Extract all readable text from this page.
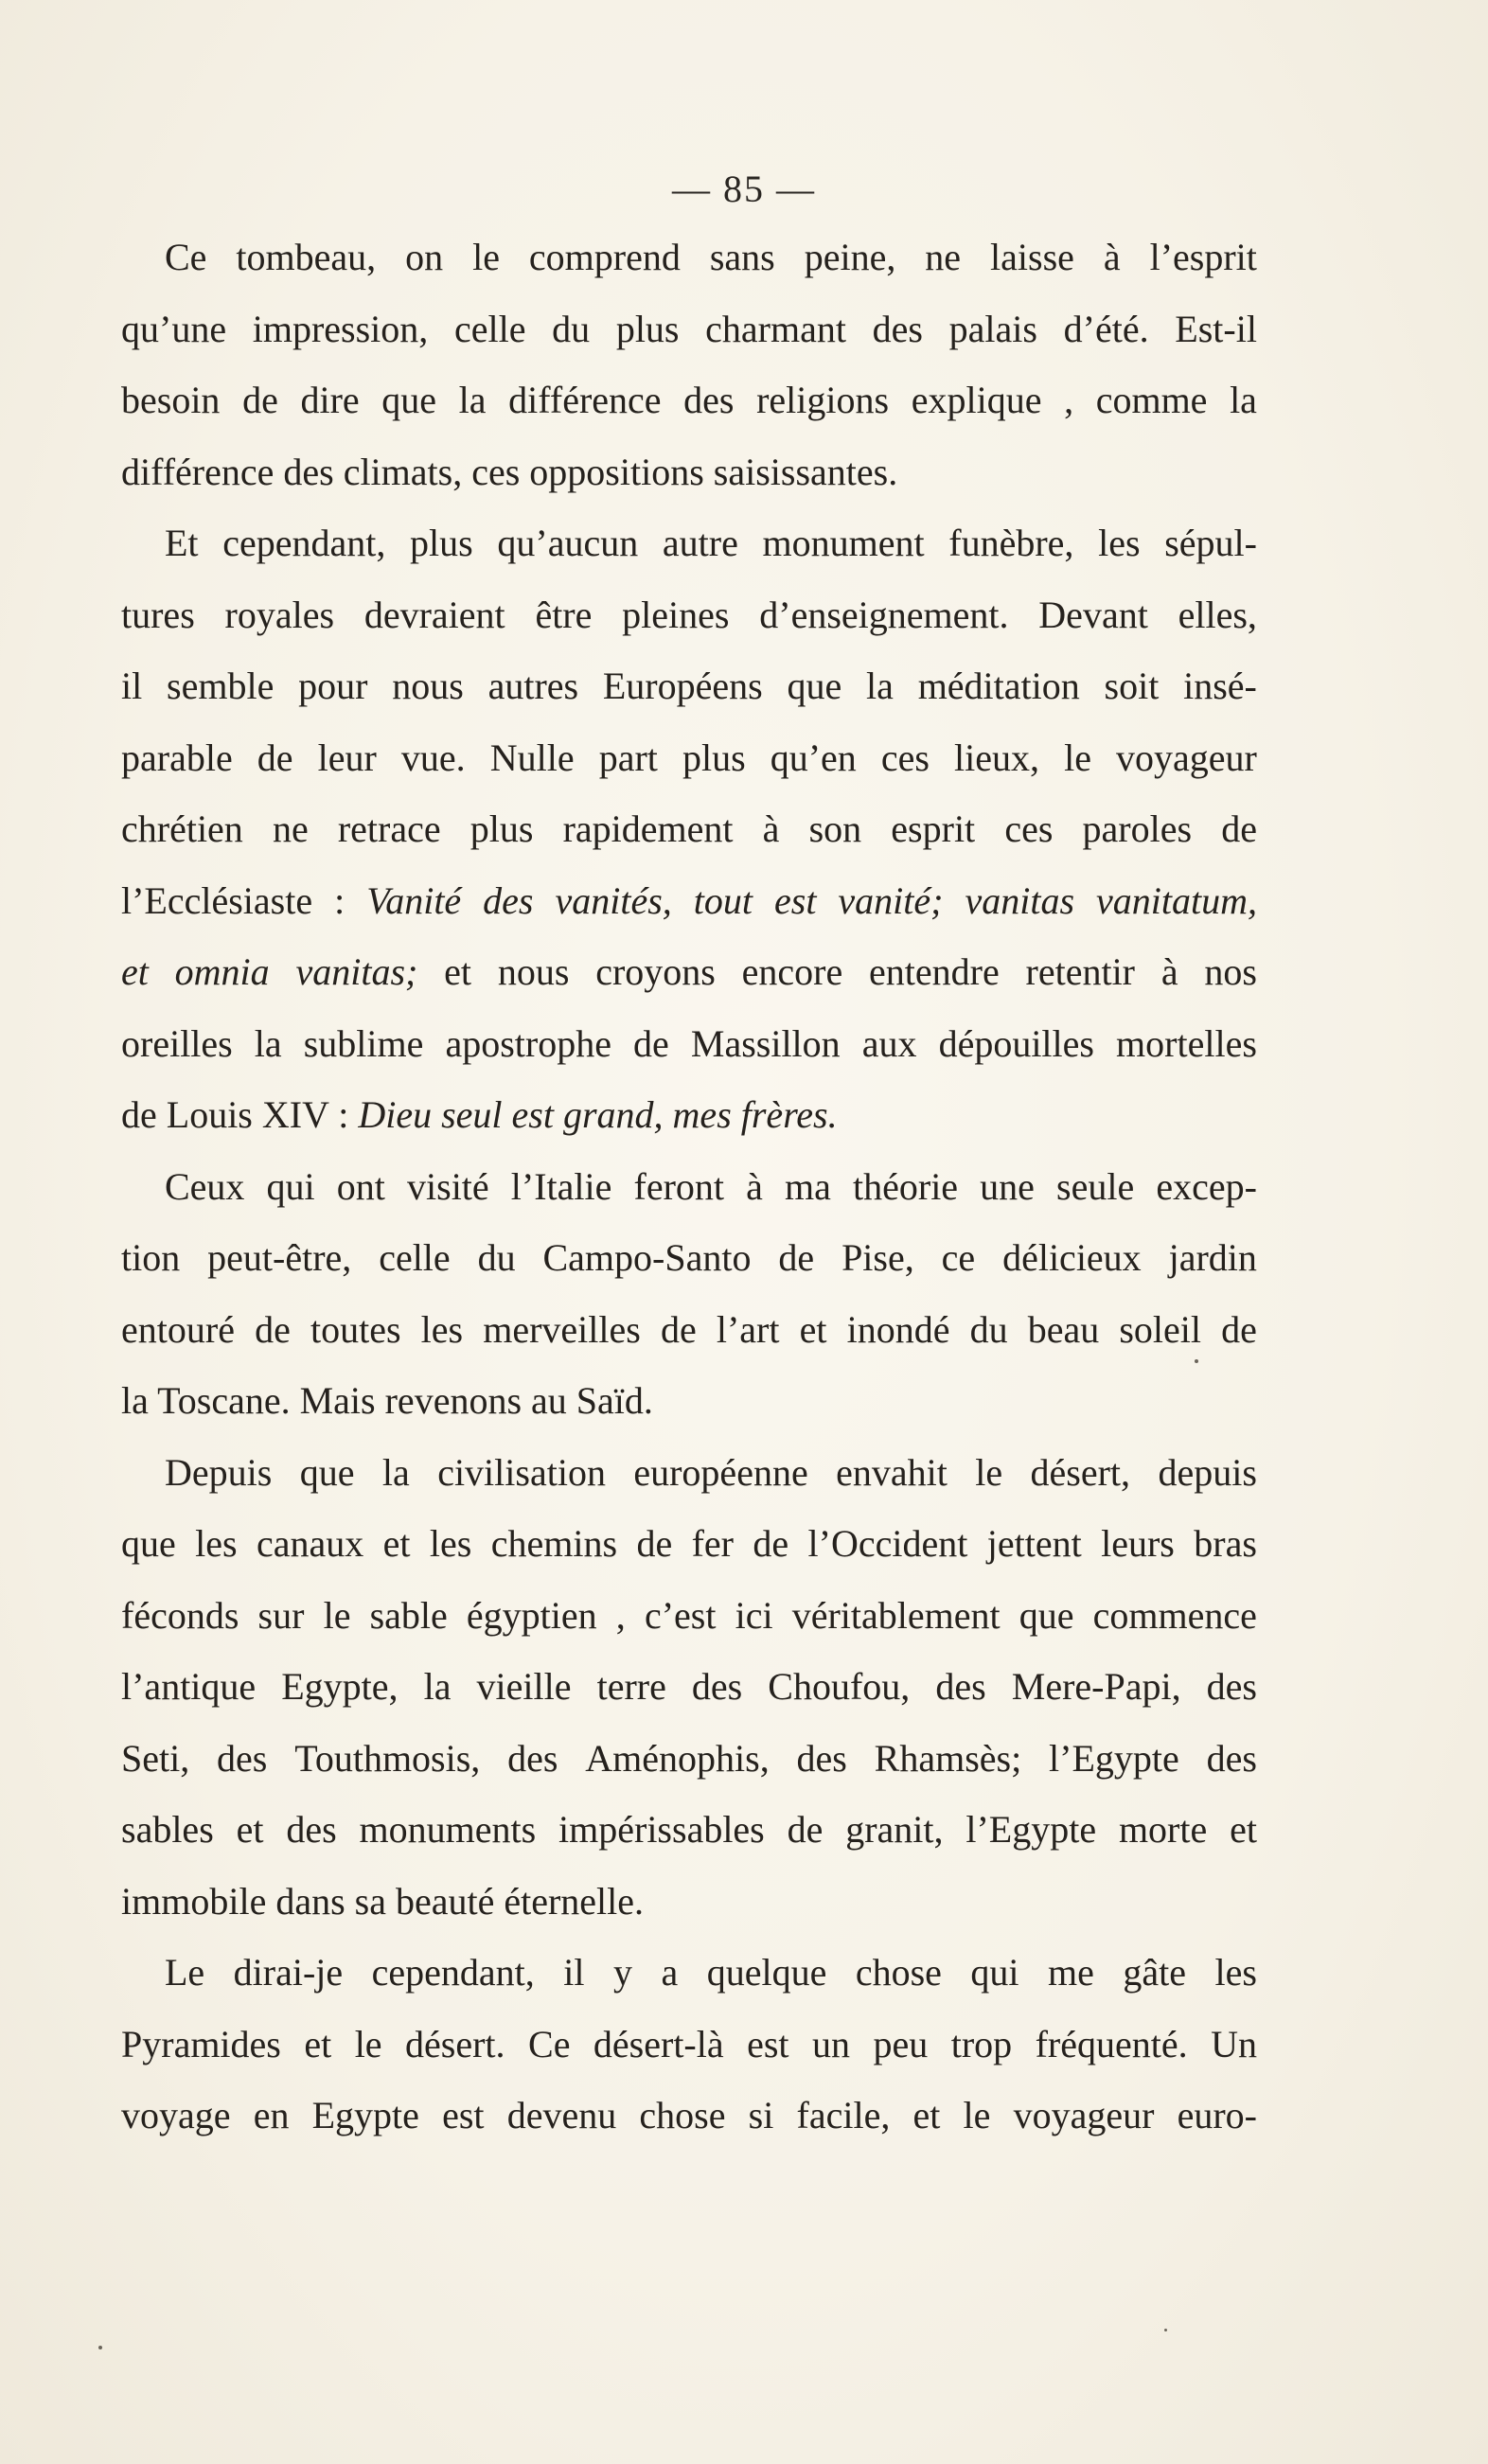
— 85 —
Ce tombeau, on le comprend sans peine, ne laisse à l’esprit
qu’une impression, celle du plus charmant des palais d’été. Est-il
besoin de dire que la différence des religions explique , comme la
différence des climats, ces oppositions saisissantes.
Et cependant, plus qu’aucun autre monument funèbre, les sépul-
tures royales devraient être pleines d’enseignement. Devant elles,
il semble pour nous autres Européens que la méditation soit insé-
parable de leur vue. Nulle part plus qu’en ces lieux, le voyageur
chrétien ne retrace plus rapidement à son esprit ces paroles de
l’Ecclésiaste : Vanité des vanités, tout est vanité; vanitas vanitatum,
et omnia vanitas; et nous croyons encore entendre retentir à nos
oreilles la sublime apostrophe de Massillon aux dépouilles mortelles
de Louis XIV : Dieu seul est grand, mes frères.
Ceux qui ont visité l’Italie feront à ma théorie une seule excep-
tion peut-être, celle du Campo-Santo de Pise, ce délicieux jardin
entouré de toutes les merveilles de l’art et inondé du beau soleil de
la Toscane. Mais revenons au Saïd.
Depuis que la civilisation européenne envahit le désert, depuis
que les canaux et les chemins de fer de l’Occident jettent leurs bras
féconds sur le sable égyptien , c’est ici véritablement que commence
l’antique Egypte, la vieille terre des Choufou, des Mere-Papi, des
Seti, des Touthmosis, des Aménophis, des Rhamsès; l’Egypte des
sables et des monuments impérissables de granit, l’Egypte morte et
immobile dans sa beauté éternelle.
Le dirai-je cependant, il y a quelque chose qui me gâte les
Pyramides et le désert. Ce désert-là est un peu trop fréquenté. Un
voyage en Egypte est devenu chose si facile, et le voyageur euro-
